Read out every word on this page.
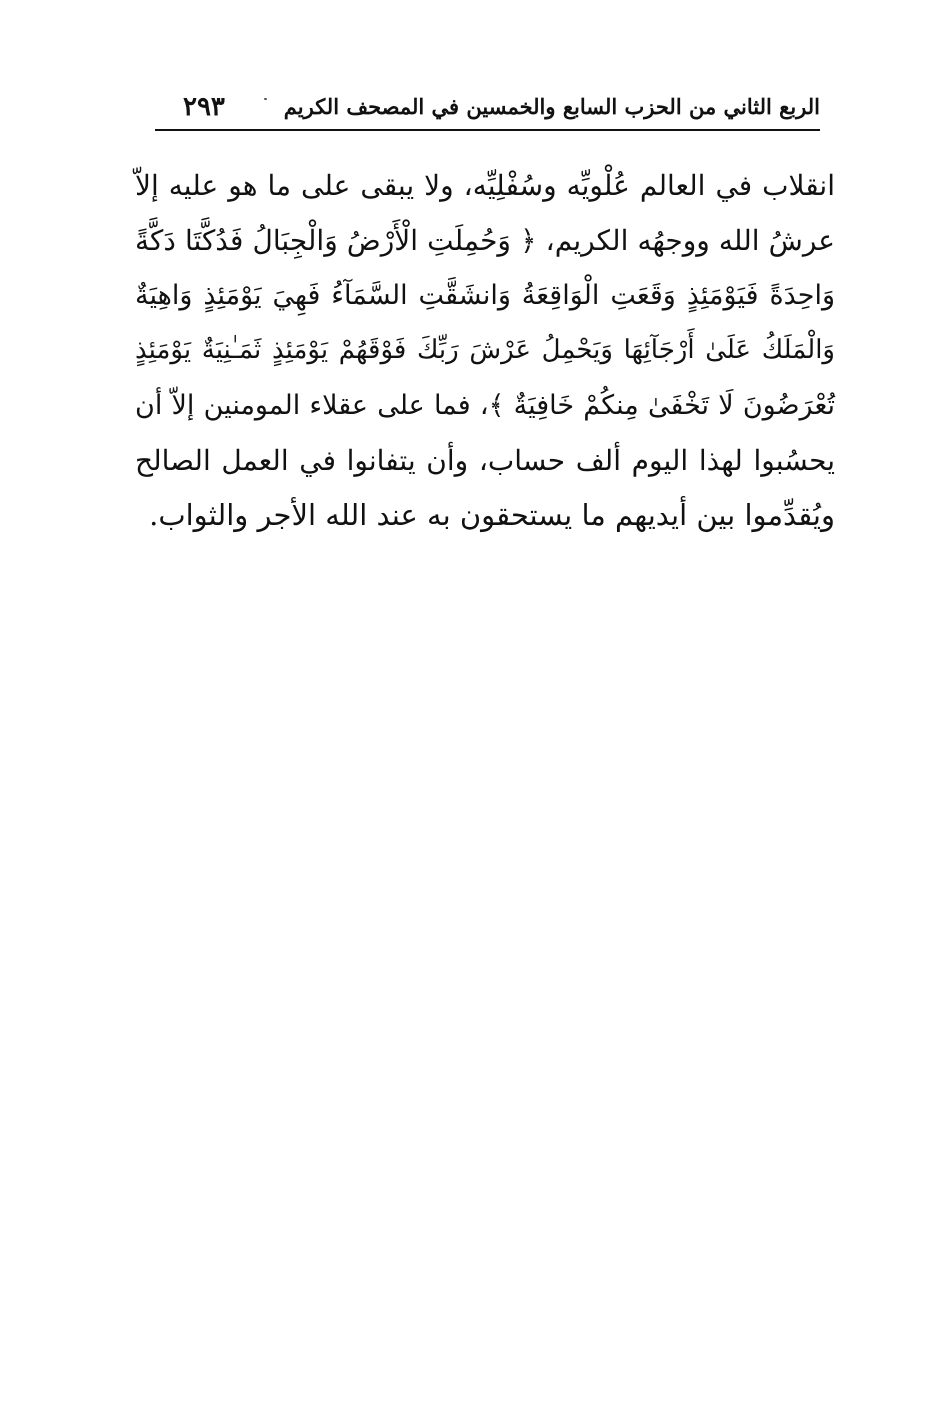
الربع الثاني من الحزب السابع والخمسين في المصحف الكريم
٢٩٣
انقلاب في العالم عُلْويِّه وسُفْلِيِّه، ولا يبقى على ما هو عليه إلاّ
عرشُ الله ووجهُه الكريم، ﴿ وَحُمِلَتِ الْأَرْضُ وَالْجِبَالُ فَدُكَّتَا دَكَّةً
وَاحِدَةً فَيَوْمَئِذٍ وَقَعَتِ الْوَاقِعَةُ وَانشَقَّتِ السَّمَآءُ فَهِيَ يَوْمَئِذٍ وَاهِيَةٌ
وَالْمَلَكُ عَلَىٰ أَرْجَآئِهَا وَيَحْمِلُ عَرْشَ رَبِّكَ فَوْقَهُمْ يَوْمَئِذٍ ثَمَـٰنِيَةٌ يَوْمَئِذٍ
تُعْرَضُونَ لَا تَخْفَىٰ مِنكُمْ خَافِيَةٌ ﴾، فما على عقلاء المومنين إلاّ أن
يحسُبوا لهذا اليوم ألف حساب، وأن يتفانوا في العمل الصالح
ويُقدِّموا بين أيديهم ما يستحقون به عند الله الأجر والثواب.
